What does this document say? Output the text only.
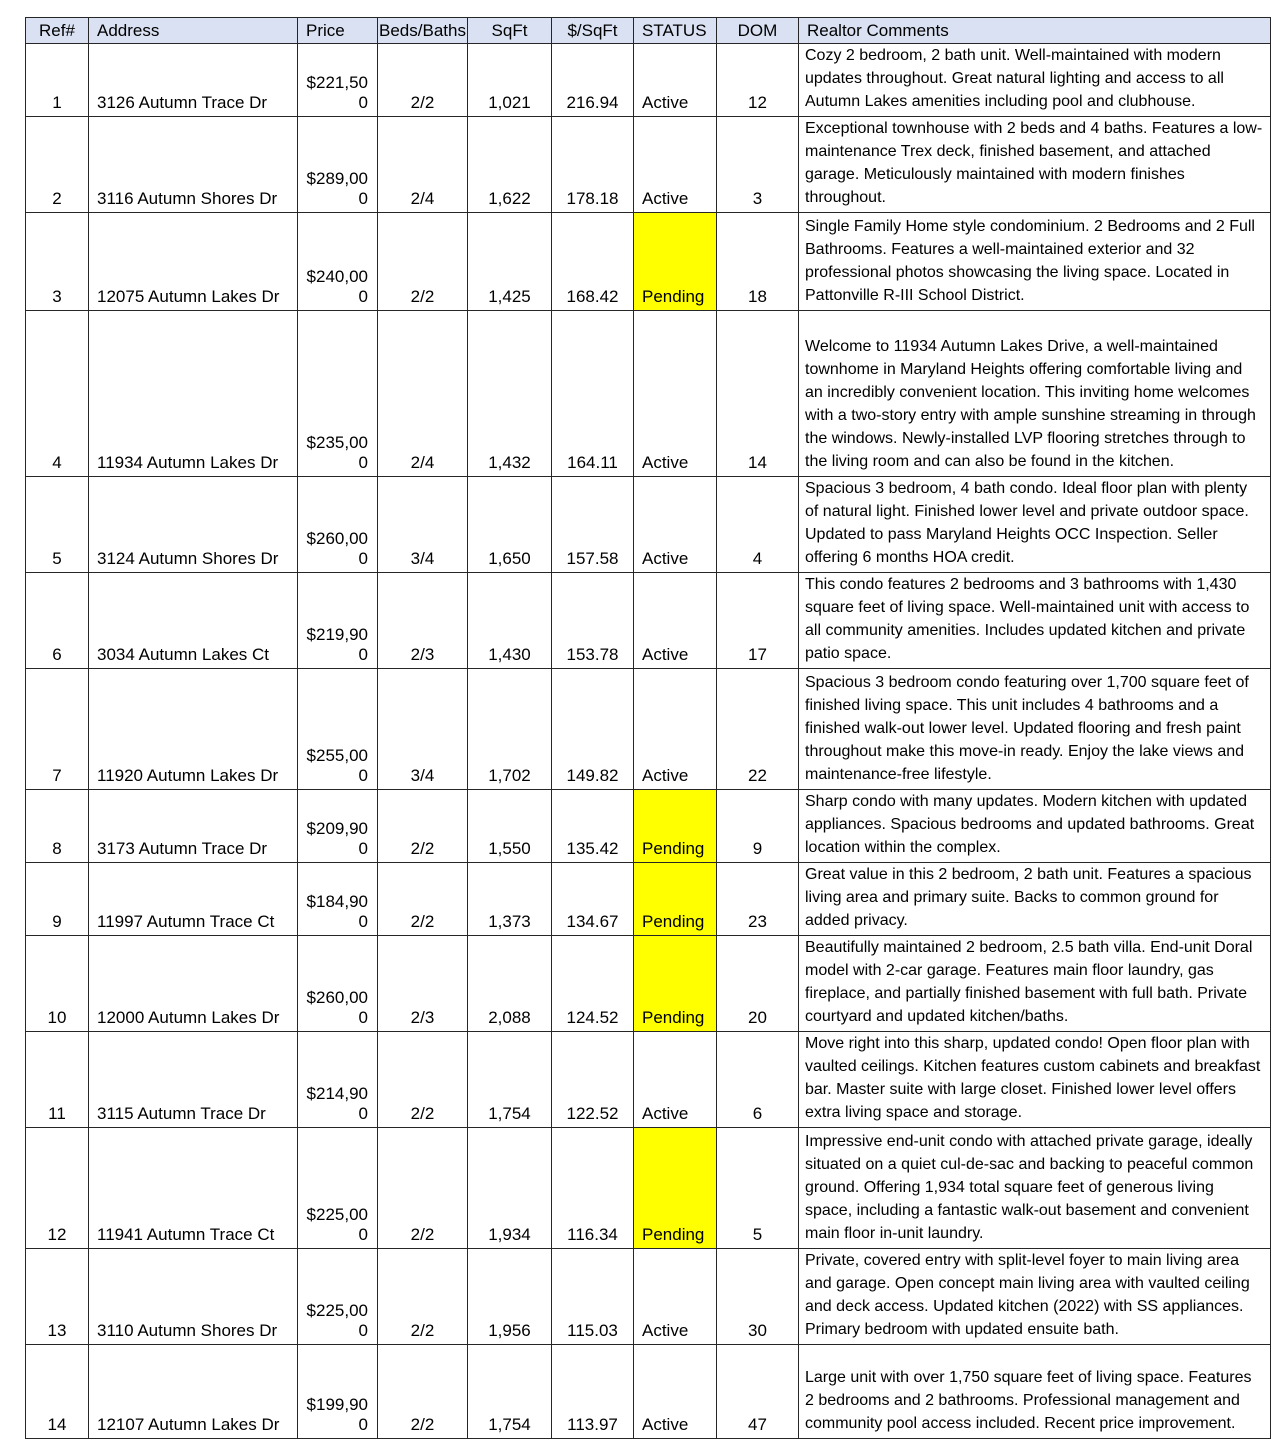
Ref#	Address	Price	Beds/Baths	SqFt	$/SqFt	STATUS	DOM	Realtor Comments
1	3126 Autumn Trace Dr	$221,500	2/2	1,021	216.94	Active	12	Cozy 2 bedroom, 2 bath unit. Well-maintained with modern updates throughout. Great natural lighting and access to all Autumn Lakes amenities including pool and clubhouse.
2	3116 Autumn Shores Dr	$289,000	2/4	1,622	178.18	Active	3	Exceptional townhouse with 2 beds and 4 baths. Features a low-maintenance Trex deck, finished basement, and attached garage. Meticulously maintained with modern finishes throughout.
3	12075 Autumn Lakes Dr	$240,000	2/2	1,425	168.42	Pending	18	Single Family Home style condominium. 2 Bedrooms and 2 Full Bathrooms. Features a well-maintained exterior and 32 professional photos showcasing the living space. Located in Pattonville R-III School District.
4	11934 Autumn Lakes Dr	$235,000	2/4	1,432	164.11	Active	14	Welcome to 11934 Autumn Lakes Drive, a well-maintained townhome in Maryland Heights offering comfortable living and an incredibly convenient location. This inviting home welcomes with a two-story entry with ample sunshine streaming in through the windows. Newly-installed LVP flooring stretches through to the living room and can also be found in the kitchen.
5	3124 Autumn Shores Dr	$260,000	3/4	1,650	157.58	Active	4	Spacious 3 bedroom, 4 bath condo. Ideal floor plan with plenty of natural light. Finished lower level and private outdoor space. Updated to pass Maryland Heights OCC Inspection. Seller offering 6 months HOA credit.
6	3034 Autumn Lakes Ct	$219,900	2/3	1,430	153.78	Active	17	This condo features 2 bedrooms and 3 bathrooms with 1,430 square feet of living space. Well-maintained unit with access to all community amenities. Includes updated kitchen and private patio space.
7	11920 Autumn Lakes Dr	$255,000	3/4	1,702	149.82	Active	22	Spacious 3 bedroom condo featuring over 1,700 square feet of finished living space. This unit includes 4 bathrooms and a finished walk-out lower level. Updated flooring and fresh paint throughout make this move-in ready. Enjoy the lake views and maintenance-free lifestyle.
8	3173 Autumn Trace Dr	$209,900	2/2	1,550	135.42	Pending	9	Sharp condo with many updates. Modern kitchen with updated appliances. Spacious bedrooms and updated bathrooms. Great location within the complex.
9	11997 Autumn Trace Ct	$184,900	2/2	1,373	134.67	Pending	23	Great value in this 2 bedroom, 2 bath unit. Features a spacious living area and primary suite. Backs to common ground for added privacy.
10	12000 Autumn Lakes Dr	$260,000	2/3	2,088	124.52	Pending	20	Beautifully maintained 2 bedroom, 2.5 bath villa. End-unit Doral model with 2-car garage. Features main floor laundry, gas fireplace, and partially finished basement with full bath. Private courtyard and updated kitchen/baths.
11	3115 Autumn Trace Dr	$214,900	2/2	1,754	122.52	Active	6	Move right into this sharp, updated condo! Open floor plan with vaulted ceilings. Kitchen features custom cabinets and breakfast bar. Master suite with large closet. Finished lower level offers extra living space and storage.
12	11941 Autumn Trace Ct	$225,000	2/2	1,934	116.34	Pending	5	Impressive end-unit condo with attached private garage, ideally situated on a quiet cul-de-sac and backing to peaceful common ground. Offering 1,934 total square feet of generous living space, including a fantastic walk-out basement and convenient main floor in-unit laundry.
13	3110 Autumn Shores Dr	$225,000	2/2	1,956	115.03	Active	30	Private, covered entry with split-level foyer to main living area and garage. Open concept main living area with vaulted ceiling and deck access. Updated kitchen (2022) with SS appliances. Primary bedroom with updated ensuite bath.
14	12107 Autumn Lakes Dr	$199,900	2/2	1,754	113.97	Active	47	Large unit with over 1,750 square feet of living space. Features 2 bedrooms and 2 bathrooms. Professional management and community pool access included. Recent price improvement.
